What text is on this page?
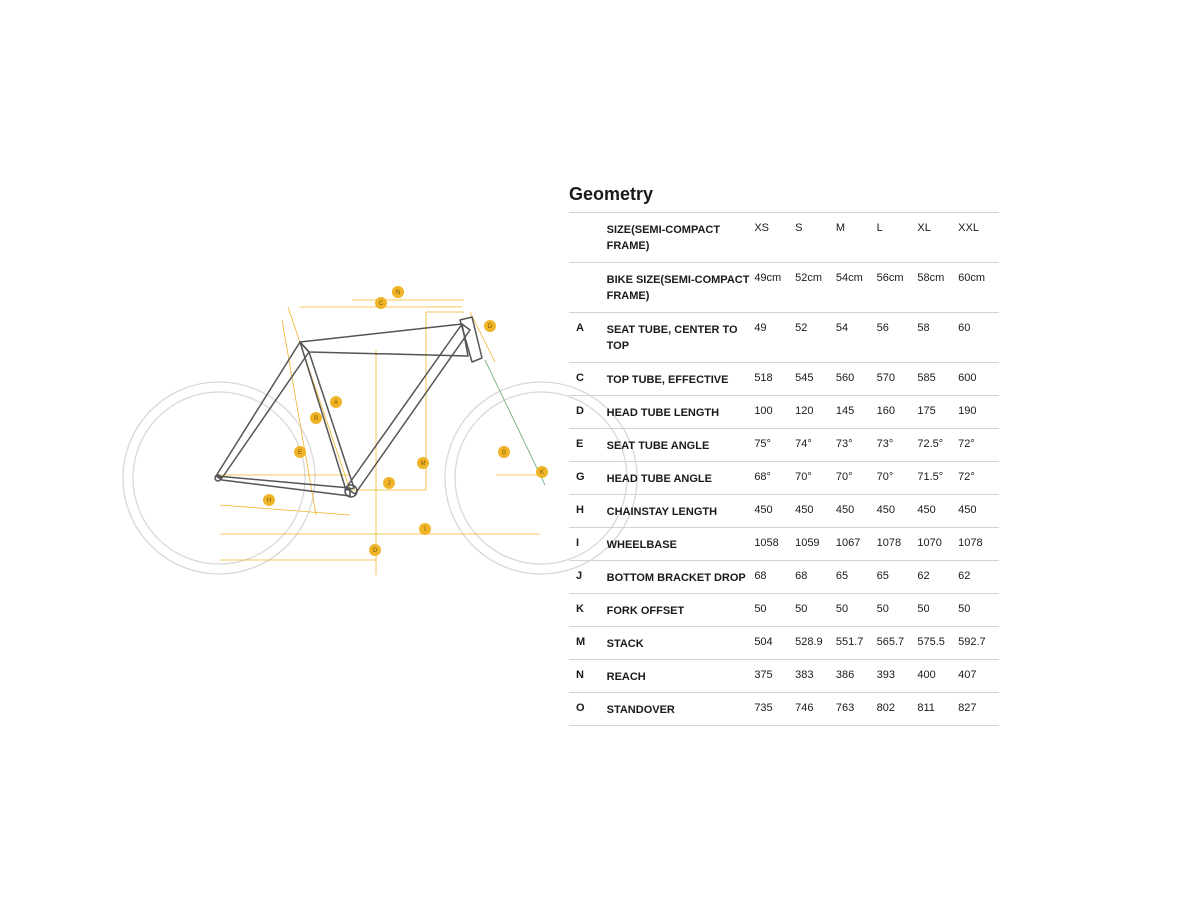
N
C
D
A
B
E	G
K
M
J
H
I
O
Geometry
	SIZE(SEMI-COMPACT FRAME)	XS	S	M	L	XL	XXL
	BIKE SIZE(SEMI-COMPACT FRAME)	49cm	52cm	54cm	56cm	58cm	60cm
A	SEAT TUBE, CENTER TO TOP	49	52	54	56	58	60
C	TOP TUBE, EFFECTIVE	518	545	560	570	585	600
D	HEAD TUBE LENGTH	100	120	145	160	175	190
E	SEAT TUBE ANGLE	75°	74°	73°	73°	72.5°	72°
G	HEAD TUBE ANGLE	68°	70°	70°	70°	71.5°	72°
H	CHAINSTAY LENGTH	450	450	450	450	450	450
I	WHEELBASE	1058	1059	1067	1078	1070	1078
J	BOTTOM BRACKET DROP	68	68	65	65	62	62
K	FORK OFFSET	50	50	50	50	50	50
M	STACK	504	528.9	551.7	565.7	575.5	592.7
N	REACH	375	383	386	393	400	407
O	STANDOVER	735	746	763	802	811	827
